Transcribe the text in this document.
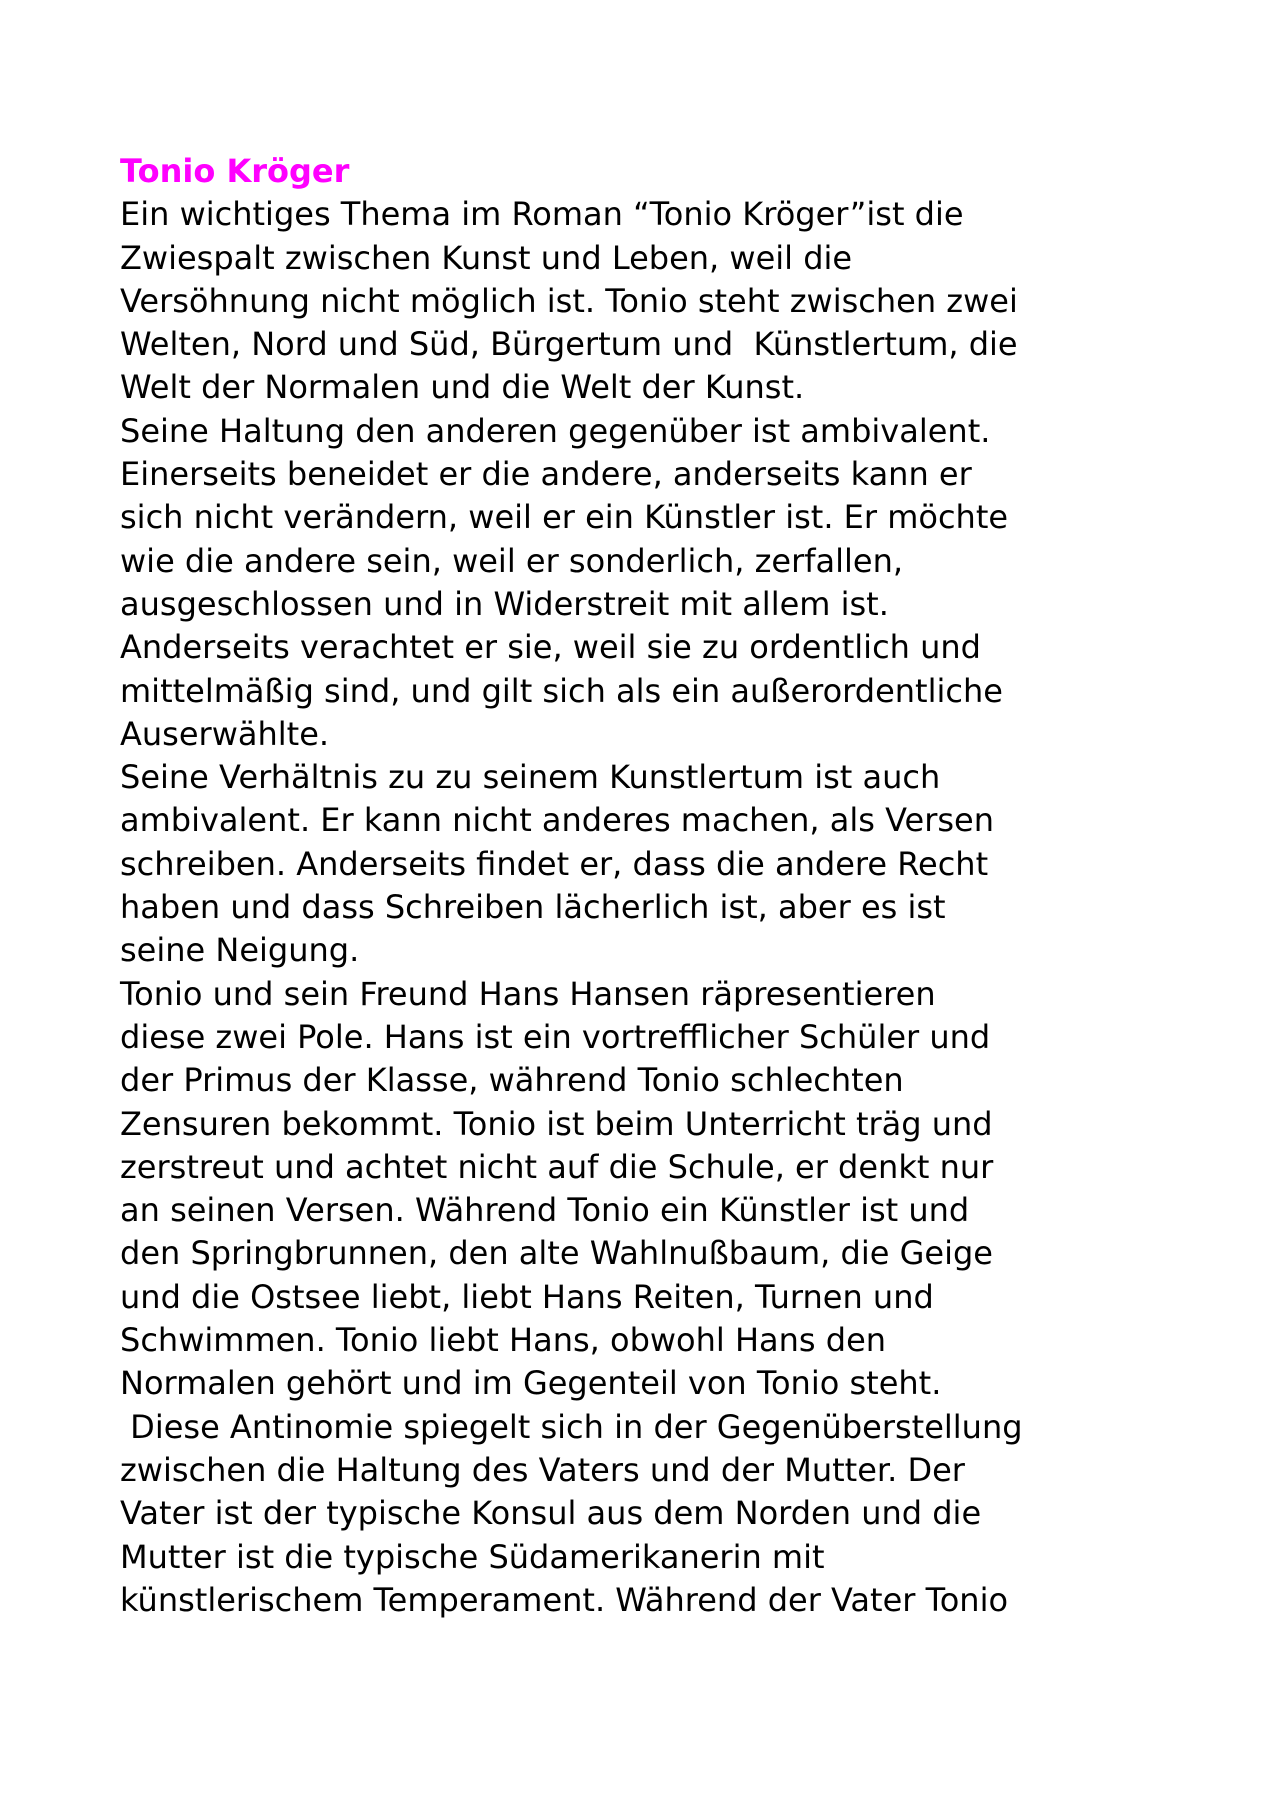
Tonio Kröger
Ein wichtiges Thema im Roman “Tonio Kröger”ist die
Zwiespalt zwischen Kunst und Leben, weil die
Versöhnung nicht möglich ist. Tonio steht zwischen zwei
Welten, Nord und Süd, Bürgertum und  Künstlertum, die
Welt der Normalen und die Welt der Kunst.
Seine Haltung den anderen gegenüber ist ambivalent.
Einerseits beneidet er die andere, anderseits kann er
sich nicht verändern, weil er ein Künstler ist. Er möchte
wie die andere sein, weil er sonderlich, zerfallen,
ausgeschlossen und in Widerstreit mit allem ist.
Anderseits verachtet er sie, weil sie zu ordentlich und
mittelmäßig sind, und gilt sich als ein außerordentliche
Auserwählte.
Seine Verhältnis zu zu seinem Kunstlertum ist auch
ambivalent. Er kann nicht anderes machen, als Versen
schreiben. Anderseits findet er, dass die andere Recht
haben und dass Schreiben lächerlich ist, aber es ist
seine Neigung.
Tonio und sein Freund Hans Hansen räpresentieren
diese zwei Pole. Hans ist ein vortrefflicher Schüler und
der Primus der Klasse, während Tonio schlechten
Zensuren bekommt. Tonio ist beim Unterricht träg und
zerstreut und achtet nicht auf die Schule, er denkt nur
an seinen Versen. Während Tonio ein Künstler ist und
den Springbrunnen, den alte Wahlnußbaum, die Geige
und die Ostsee liebt, liebt Hans Reiten, Turnen und
Schwimmen. Tonio liebt Hans, obwohl Hans den
Normalen gehört und im Gegenteil von Tonio steht.
Diese Antinomie spiegelt sich in der Gegenüberstellung
zwischen die Haltung des Vaters und der Mutter. Der
Vater ist der typische Konsul aus dem Norden und die
Mutter ist die typische Südamerikanerin mit
künstlerischem Temperament. Während der Vater Tonio
